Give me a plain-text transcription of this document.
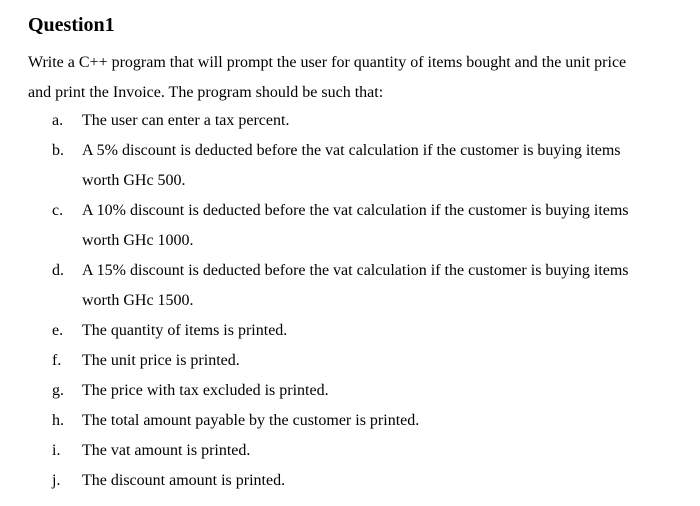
Question1

Write a C++ program that will prompt the user for quantity of items bought and the unit price
and print the Invoice. The program should be such that:

a.	The user can enter a tax percent.
b.	A 5% discount is deducted before the vat calculation if the customer is buying items
worth GHc 500.
c.	A 10% discount is deducted before the vat calculation if the customer is buying items
worth GHc 1000.
d.	A 15% discount is deducted before the vat calculation if the customer is buying items
worth GHc 1500.
e.	The quantity of items is printed.
f.	The unit price is printed.
g.	The price with tax excluded is printed.
h.	The total amount payable by the customer is printed.
i.	The vat amount is printed.
j.	The discount amount is printed.
